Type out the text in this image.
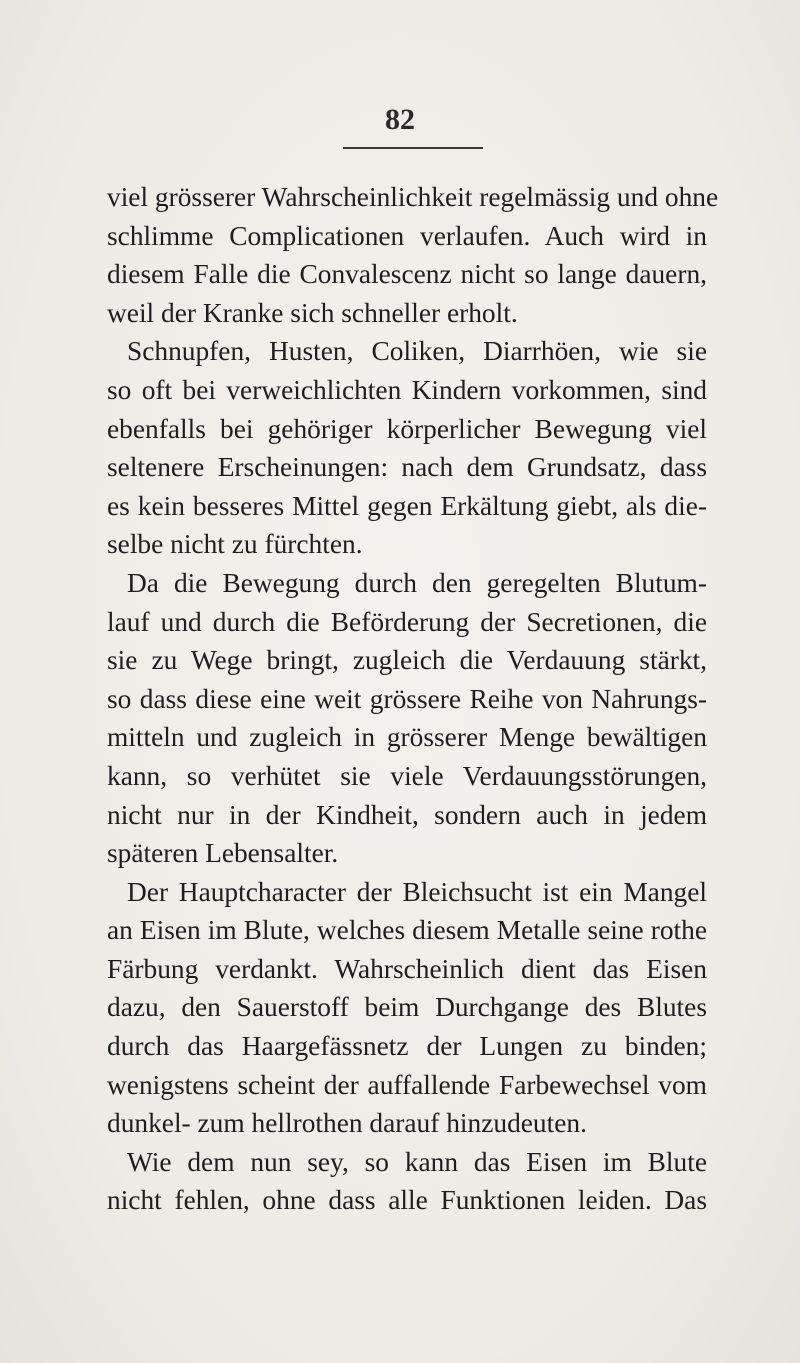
82
viel grösserer Wahrscheinlichkeit regelmässig und ohne
schlimme Complicationen verlaufen. Auch wird in
diesem Falle die Convalescenz nicht so lange dauern,
weil der Kranke sich schneller erholt.
Schnupfen, Husten, Coliken, Diarrhöen, wie sie
so oft bei verweichlichten Kindern vorkommen, sind
ebenfalls bei gehöriger körperlicher Bewegung viel
seltenere Erscheinungen: nach dem Grundsatz, dass
es kein besseres Mittel gegen Erkältung giebt, als die-
selbe nicht zu fürchten.
Da die Bewegung durch den geregelten Blutum-
lauf und durch die Beförderung der Secretionen, die
sie zu Wege bringt, zugleich die Verdauung stärkt,
so dass diese eine weit grössere Reihe von Nahrungs-
mitteln und zugleich in grösserer Menge bewältigen
kann, so verhütet sie viele Verdauungsstörungen,
nicht nur in der Kindheit, sondern auch in jedem
späteren Lebensalter.
Der Hauptcharacter der Bleichsucht ist ein Mangel
an Eisen im Blute, welches diesem Metalle seine rothe
Färbung verdankt. Wahrscheinlich dient das Eisen
dazu, den Sauerstoff beim Durchgange des Blutes
durch das Haargefässnetz der Lungen zu binden;
wenigstens scheint der auffallende Farbewechsel vom
dunkel- zum hellrothen darauf hinzudeuten.
Wie dem nun sey, so kann das Eisen im Blute
nicht fehlen, ohne dass alle Funktionen leiden. Das
